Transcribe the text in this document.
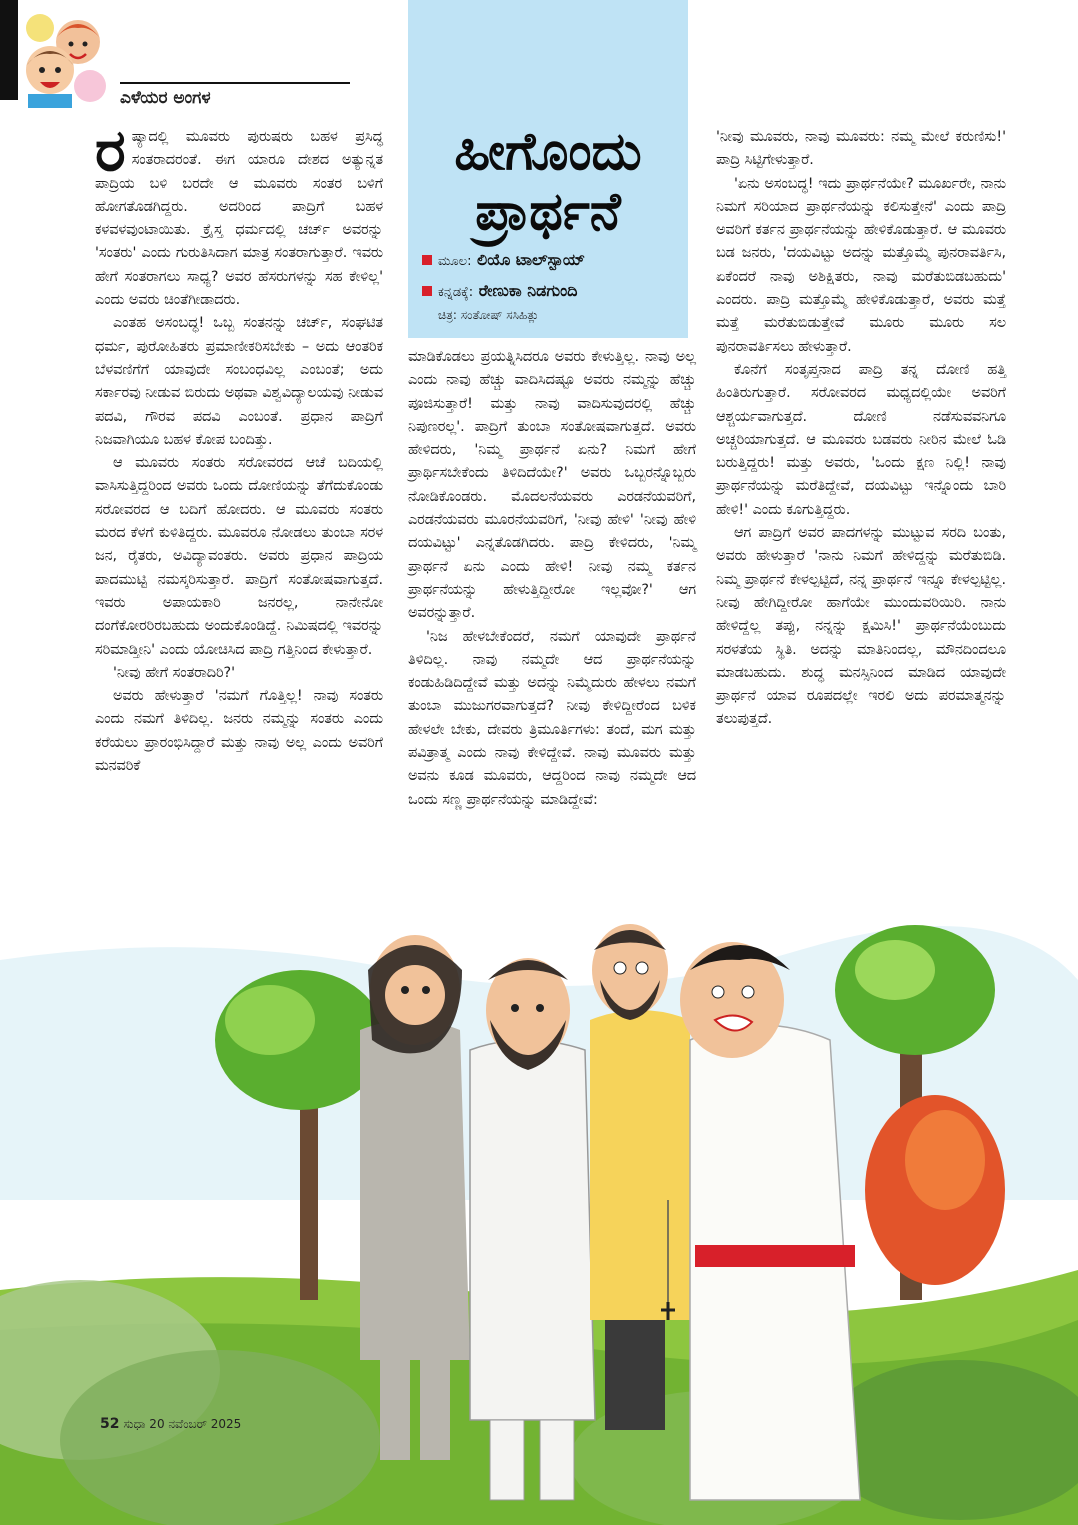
ಎಳೆಯರ ಅಂಗಳ
ಹೀಗೊಂದು
ಪ್ರಾರ್ಥನೆ
ಮೂಲ: ಲಿಯೊ ಟಾಲ್‌ಸ್ಟಾಯ್
ಕನ್ನಡಕ್ಕೆ: ರೇಣುಕಾ ನಿಡಗುಂದಿ
ಚಿತ್ರ: ಸಂತೋಷ್ ಸಸಿಹಿತ್ಲು

ರಷ್ಯಾದಲ್ಲಿ ಮೂವರು ಪುರುಷರು ಬಹಳ ಪ್ರಸಿದ್ಧ ಸಂತರಾದರಂತೆ. ಈಗ ಯಾರೂ ದೇಶದ ಅತ್ಯುನ್ನತ ಪಾದ್ರಿಯ ಬಳಿ ಬರದೇ ಆ ಮೂವರು ಸಂತರ ಬಳಿಗೆ ಹೋಗತೊಡಗಿದ್ದರು. ಅದರಿಂದ ಪಾದ್ರಿಗೆ ಬಹಳ ಕಳವಳವುಂಟಾಯಿತು. ಕ್ರೈಸ್ತ ಧರ್ಮದಲ್ಲಿ ಚರ್ಚ್ ಅವರನ್ನು 'ಸಂತರು' ಎಂದು ಗುರುತಿಸಿದಾಗ ಮಾತ್ರ ಸಂತರಾಗುತ್ತಾರೆ. ಇವರು ಹೇಗೆ ಸಂತರಾಗಲು ಸಾಧ್ಯ? ಅವರ ಹೆಸರುಗಳನ್ನು ಸಹ ಕೇಳಿಲ್ಲ' ಎಂದು ಅವರು ಚಿಂತೆಗೀಡಾದರು.

ಎಂತಹ ಅಸಂಬದ್ಧ! ಒಬ್ಬ ಸಂತನನ್ನು ಚರ್ಚ್, ಸಂಘಟಿತ ಧರ್ಮ, ಪುರೋಹಿತರು ಪ್ರಮಾಣೀಕರಿಸಬೇಕು – ಅದು ಆಂತರಿಕ ಬೆಳವಣಿಗೆಗೆ ಯಾವುದೇ ಸಂಬಂಧವಿಲ್ಲ ಎಂಬಂತೆ; ಅದು ಸರ್ಕಾರವು ನೀಡುವ ಬಿರುದು ಅಥವಾ ವಿಶ್ವವಿದ್ಯಾಲಯವು ನೀಡುವ ಪದವಿ, ಗೌರವ ಪದವಿ ಎಂಬಂತೆ. ಪ್ರಧಾನ ಪಾದ್ರಿಗೆ ನಿಜವಾಗಿಯೂ ಬಹಳ ಕೋಪ ಬಂದಿತ್ತು.

ಆ ಮೂವರು ಸಂತರು ಸರೋವರದ ಆಚೆ ಬದಿಯಲ್ಲಿ ವಾಸಿಸುತ್ತಿದ್ದರಿಂದ ಅವರು ಒಂದು ದೋಣಿಯನ್ನು ತೆಗೆದುಕೊಂಡು ಸರೋವರದ ಆ ಬದಿಗೆ ಹೋದರು. ಆ ಮೂವರು ಸಂತರು ಮರದ ಕೆಳಗೆ ಕುಳಿತಿದ್ದರು. ಮೂವರೂ ನೋಡಲು ತುಂಬಾ ಸರಳ ಜನ, ರೈತರು, ಅವಿದ್ಯಾವಂತರು. ಅವರು ಪ್ರಧಾನ ಪಾದ್ರಿಯ ಪಾದಮುಟ್ಟಿ ನಮಸ್ಕರಿಸುತ್ತಾರೆ. ಪಾದ್ರಿಗೆ ಸಂತೋಷವಾಗುತ್ತದೆ. ಇವರು ಅಪಾಯಕಾರಿ ಜನರಲ್ಲ, ನಾನೇನೋ ದಂಗೆಕೋರರಿರಬಹುದು ಅಂದುಕೊಂಡಿದ್ದೆ. ನಿಮಿಷದಲ್ಲಿ ಇವರನ್ನು ಸರಿಮಾಡ್ತೀನಿ' ಎಂದು ಯೋಚಿಸಿದ ಪಾದ್ರಿ ಗತ್ತಿನಿಂದ ಕೇಳುತ್ತಾರೆ.

'ನೀವು ಹೇಗೆ ಸಂತರಾದಿರಿ?'

ಅವರು ಹೇಳುತ್ತಾರೆ 'ನಮಗೆ ಗೊತ್ತಿಲ್ಲ! ನಾವು ಸಂತರು ಎಂದು ನಮಗೆ ತಿಳಿದಿಲ್ಲ. ಜನರು ನಮ್ಮನ್ನು ಸಂತರು ಎಂದು ಕರೆಯಲು ಪ್ರಾರಂಭಿಸಿದ್ದಾರೆ ಮತ್ತು ನಾವು ಅಲ್ಲ ಎಂದು ಅವರಿಗೆ ಮನವರಿಕೆ

ಮಾಡಿಕೊಡಲು ಪ್ರಯತ್ನಿಸಿದರೂ ಅವರು ಕೇಳುತ್ತಿಲ್ಲ. ನಾವು ಅಲ್ಲ ಎಂದು ನಾವು ಹೆಚ್ಚು ವಾದಿಸಿದಷ್ಟೂ ಅವರು ನಮ್ಮನ್ನು ಹೆಚ್ಚು ಪೂಜಿಸುತ್ತಾರೆ! ಮತ್ತು ನಾವು ವಾದಿಸುವುದರಲ್ಲಿ ಹೆಚ್ಚು ನಿಪುಣರಲ್ಲ'. ಪಾದ್ರಿಗೆ ತುಂಬಾ ಸಂತೋಷವಾಗುತ್ತದೆ. ಅವರು ಹೇಳಿದರು, 'ನಿಮ್ಮ ಪ್ರಾರ್ಥನೆ ಏನು? ನಿಮಗೆ ಹೇಗೆ ಪ್ರಾರ್ಥಿಸಬೇಕೆಂದು ತಿಳಿದಿದೆಯೇ?' ಅವರು ಒಬ್ಬರನ್ನೊಬ್ಬರು ನೋಡಿಕೊಂಡರು. ಮೊದಲನೆಯವರು ಎರಡನೆಯವರಿಗೆ, ಎರಡನೆಯವರು ಮೂರನೆಯವರಿಗೆ, 'ನೀವು ಹೇಳಿ' 'ನೀವು ಹೇಳಿ ದಯವಿಟ್ಟು' ಎನ್ನತೊಡಗಿದರು. ಪಾದ್ರಿ ಕೇಳಿದರು, 'ನಿಮ್ಮ ಪ್ರಾರ್ಥನೆ ಏನು ಎಂದು ಹೇಳಿ! ನೀವು ನಮ್ಮ ಕರ್ತನ ಪ್ರಾರ್ಥನೆಯನ್ನು ಹೇಳುತ್ತಿದ್ದೀರೋ ಇಲ್ಲವೋ?' ಆಗ ಅವರನ್ನುತ್ತಾರೆ.

'ನಿಜ ಹೇಳಬೇಕೆಂದರೆ, ನಮಗೆ ಯಾವುದೇ ಪ್ರಾರ್ಥನೆ ತಿಳಿದಿಲ್ಲ. ನಾವು ನಮ್ಮದೇ ಆದ ಪ್ರಾರ್ಥನೆಯನ್ನು ಕಂಡುಹಿಡಿದಿದ್ದೇವೆ ಮತ್ತು ಅದನ್ನು ನಿಮ್ಮೆದುರು ಹೇಳಲು ನಮಗೆ ತುಂಬಾ ಮುಜುಗರವಾಗುತ್ತದೆ? ನೀವು ಕೇಳಿದ್ದೀರೆಂದ ಬಳಿಕ ಹೇಳಲೇ ಬೇಕು, ದೇವರು ತ್ರಿಮೂರ್ತಿಗಳು: ತಂದೆ, ಮಗ ಮತ್ತು ಪವಿತ್ರಾತ್ಮ ಎಂದು ನಾವು ಕೇಳಿದ್ದೇವೆ. ನಾವು ಮೂವರು ಮತ್ತು ಅವನು ಕೂಡ ಮೂವರು, ಆದ್ದರಿಂದ ನಾವು ನಮ್ಮದೇ ಆದ ಒಂದು ಸಣ್ಣ ಪ್ರಾರ್ಥನೆಯನ್ನು ಮಾಡಿದ್ದೇವೆ:

'ನೀವು ಮೂವರು, ನಾವು ಮೂವರು: ನಮ್ಮ ಮೇಲೆ ಕರುಣಿಸು!' ಪಾದ್ರಿ ಸಿಟ್ಟಿಗೇಳುತ್ತಾರೆ.

'ಏನು ಅಸಂಬದ್ಧ! ಇದು ಪ್ರಾರ್ಥನೆಯೇ? ಮೂರ್ಖರೇ, ನಾನು ನಿಮಗೆ ಸರಿಯಾದ ಪ್ರಾರ್ಥನೆಯನ್ನು ಕಲಿಸುತ್ತೇನೆ' ಎಂದು ಪಾದ್ರಿ ಅವರಿಗೆ ಕರ್ತನ ಪ್ರಾರ್ಥನೆಯನ್ನು ಹೇಳಿಕೊಡುತ್ತಾರೆ. ಆ ಮೂವರು ಬಡ ಜನರು, 'ದಯವಿಟ್ಟು ಅದನ್ನು ಮತ್ತೊಮ್ಮೆ ಪುನರಾವರ್ತಿಸಿ, ಏಕೆಂದರೆ ನಾವು ಅಶಿಕ್ಷಿತರು, ನಾವು ಮರೆತುಬಿಡಬಹುದು' ಎಂದರು. ಪಾದ್ರಿ ಮತ್ತೊಮ್ಮೆ ಹೇಳಿಕೊಡುತ್ತಾರೆ, ಅವರು ಮತ್ತೆ ಮತ್ತೆ ಮರೆತುಬಿಡುತ್ತೇವೆ ಮೂರು ಮೂರು ಸಲ ಪುನರಾವರ್ತಿಸಲು ಹೇಳುತ್ತಾರೆ.

ಕೊನೆಗೆ ಸಂತೃಪ್ತನಾದ ಪಾದ್ರಿ ತನ್ನ ದೋಣಿ ಹತ್ತಿ ಹಿಂತಿರುಗುತ್ತಾರೆ. ಸರೋವರದ ಮಧ್ಯದಲ್ಲಿಯೇ ಅವರಿಗೆ ಆಶ್ಚರ್ಯವಾಗುತ್ತದೆ. ದೋಣಿ ನಡೆಸುವವನಿಗೂ ಅಚ್ಚರಿಯಾಗುತ್ತದೆ. ಆ ಮೂವರು ಬಡವರು ನೀರಿನ ಮೇಲೆ ಓಡಿ ಬರುತ್ತಿದ್ದರು! ಮತ್ತು ಅವರು, 'ಒಂದು ಕ್ಷಣ ನಿಲ್ಲಿ! ನಾವು ಪ್ರಾರ್ಥನೆಯನ್ನು ಮರೆತಿದ್ದೇವೆ, ದಯವಿಟ್ಟು ಇನ್ನೊಂದು ಬಾರಿ ಹೇಳಿ!' ಎಂದು ಕೂಗುತ್ತಿದ್ದರು.

ಆಗ ಪಾದ್ರಿಗೆ ಅವರ ಪಾದಗಳನ್ನು ಮುಟ್ಟುವ ಸರದಿ ಬಂತು, ಅವರು ಹೇಳುತ್ತಾರೆ 'ನಾನು ನಿಮಗೆ ಹೇಳಿದ್ದನ್ನು ಮರೆತುಬಿಡಿ. ನಿಮ್ಮ ಪ್ರಾರ್ಥನೆ ಕೇಳಲ್ಪಟ್ಟಿದೆ, ನನ್ನ ಪ್ರಾರ್ಥನೆ ಇನ್ನೂ ಕೇಳಲ್ಪಟ್ಟಿಲ್ಲ. ನೀವು ಹೇಗಿದ್ದೀರೋ ಹಾಗೆಯೇ ಮುಂದುವರಿಯಿರಿ. ನಾನು ಹೇಳಿದ್ದೆಲ್ಲ ತಪ್ಪು, ನನ್ನನ್ನು ಕ್ಷಮಿಸಿ!' ಪ್ರಾರ್ಥನೆಯೆಂಬುದು ಸರಳತೆಯ ಸ್ಥಿತಿ. ಅದನ್ನು ಮಾತಿನಿಂದಲ್ಲ, ಮೌನದಿಂದಲೂ ಮಾಡಬಹುದು. ಶುದ್ಧ ಮನಸ್ಸಿನಿಂದ ಮಾಡಿದ ಯಾವುದೇ ಪ್ರಾರ್ಥನೆ ಯಾವ ರೂಪದಲ್ಲೇ ಇರಲಿ ಅದು ಪರಮಾತ್ಮನನ್ನು ತಲುಪುತ್ತದೆ.

52 ಸುಧಾ 20 ನವೆಂಬರ್ 2025
